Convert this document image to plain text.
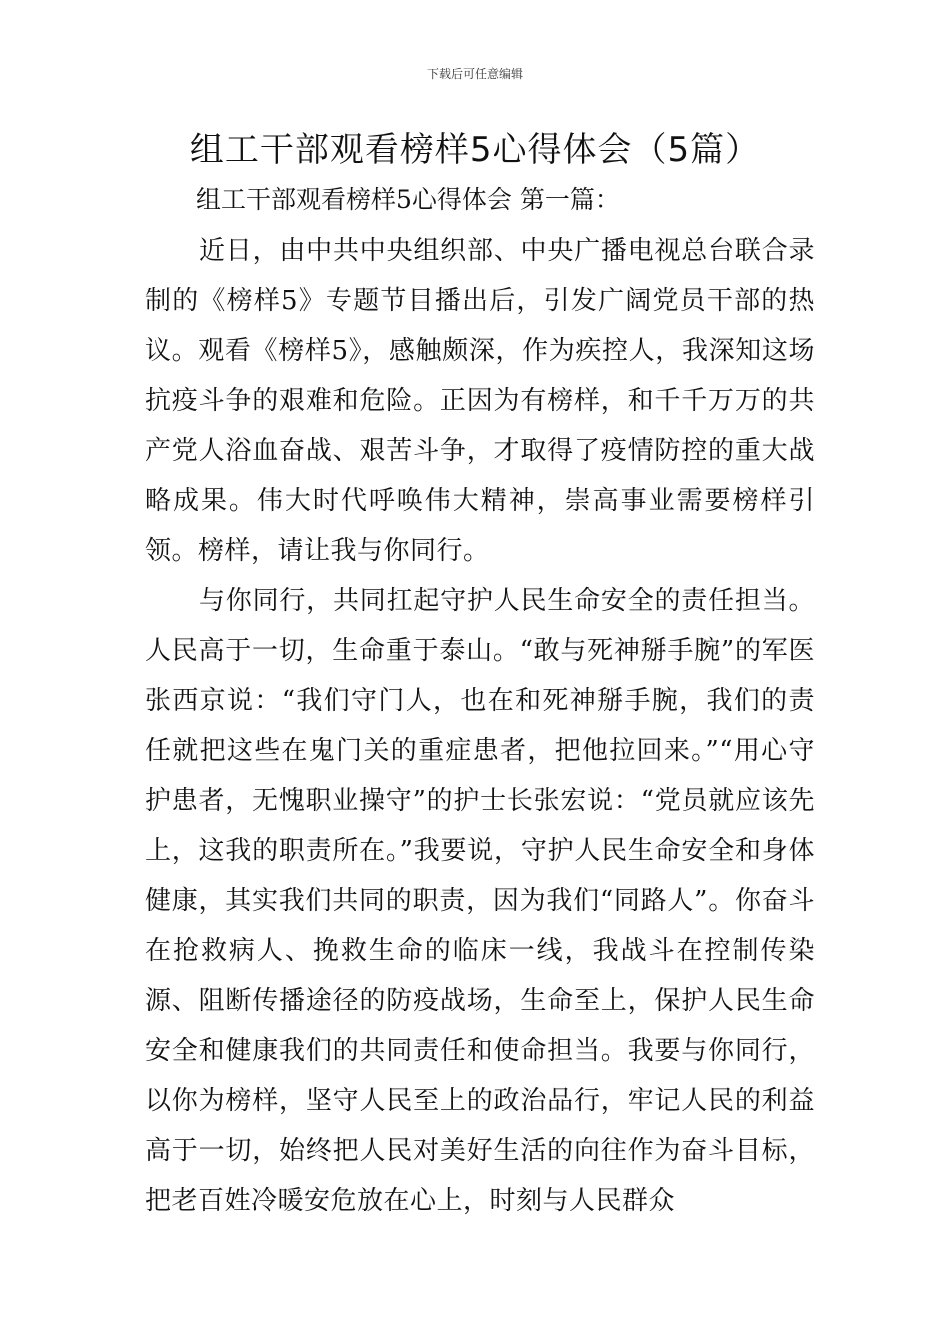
下载后可任意编辑
组工干部观看榜样5心得体会（5篇）
组工干部观看榜样5心得体会 第一篇：

近日，由中共中央组织部、中央广播电视总台联合录制的《榜样5》专题节目播出后，引发广阔党员干部的热议。观看《榜样5》，感触颇深，作为疾控人，我深知这场抗疫斗争的艰难和危险。正因为有榜样，和千千万万的共产党人浴血奋战、艰苦斗争，才取得了疫情防控的重大战略成果。伟大时代呼唤伟大精神，崇高事业需要榜样引领。榜样，请让我与你同行。

与你同行，共同扛起守护人民生命安全的责任担当。人民高于一切，生命重于泰山。“敢与死神掰手腕”的军医张西京说：“我们守门人，也在和死神掰手腕，我们的责任就把这些在鬼门关的重症患者，把他拉回来。”“用心守护患者，无愧职业操守”的护士长张宏说：“党员就应该先上，这我的职责所在。”我要说，守护人民生命安全和身体健康，其实我们共同的职责，因为我们“同路人”。你奋斗在抢救病人、挽救生命的临床一线，我战斗在控制传染源、阻断传播途径的防疫战场，生命至上，保护人民生命安全和健康我们的共同责任和使命担当。我要与你同行，以你为榜样，坚守人民至上的政治品行，牢记人民的利益高于一切，始终把人民对美好生活的向往作为奋斗目标，把老百姓冷暖安危放在心上，时刻与人民群众
